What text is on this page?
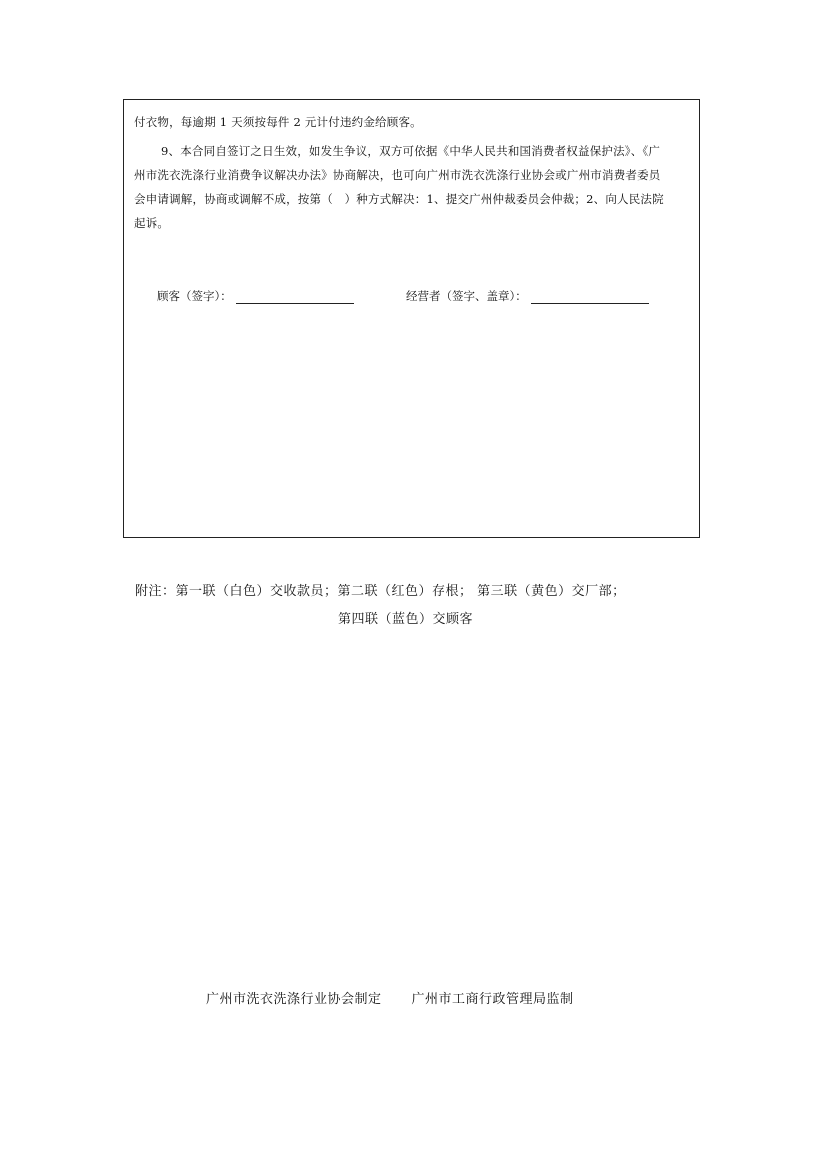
付衣物，每逾期 1 天须按每件 2 元计付违约金给顾客。

9、本合同自签订之日生效，如发生争议，双方可依据《中华人民共和国消费者权益保护法》、《广

州市洗衣洗涤行业消费争议解决办法》协商解决，也可向广州市洗衣洗涤行业协会或广州市消费者委员

会申请调解，协商或调解不成，按第（　）种方式解决：1、提交广州仲裁委员会仲裁；2、向人民法院

起诉。

顾客（签字）：	经营者（签字、盖章）：
附注：第一联（白色）交收款员；第二联（红色）存根； 第三联（黄色）交厂部；
第四联（蓝色）交顾客
广州市洗衣洗涤行业协会制定 广州市工商行政管理局监制
